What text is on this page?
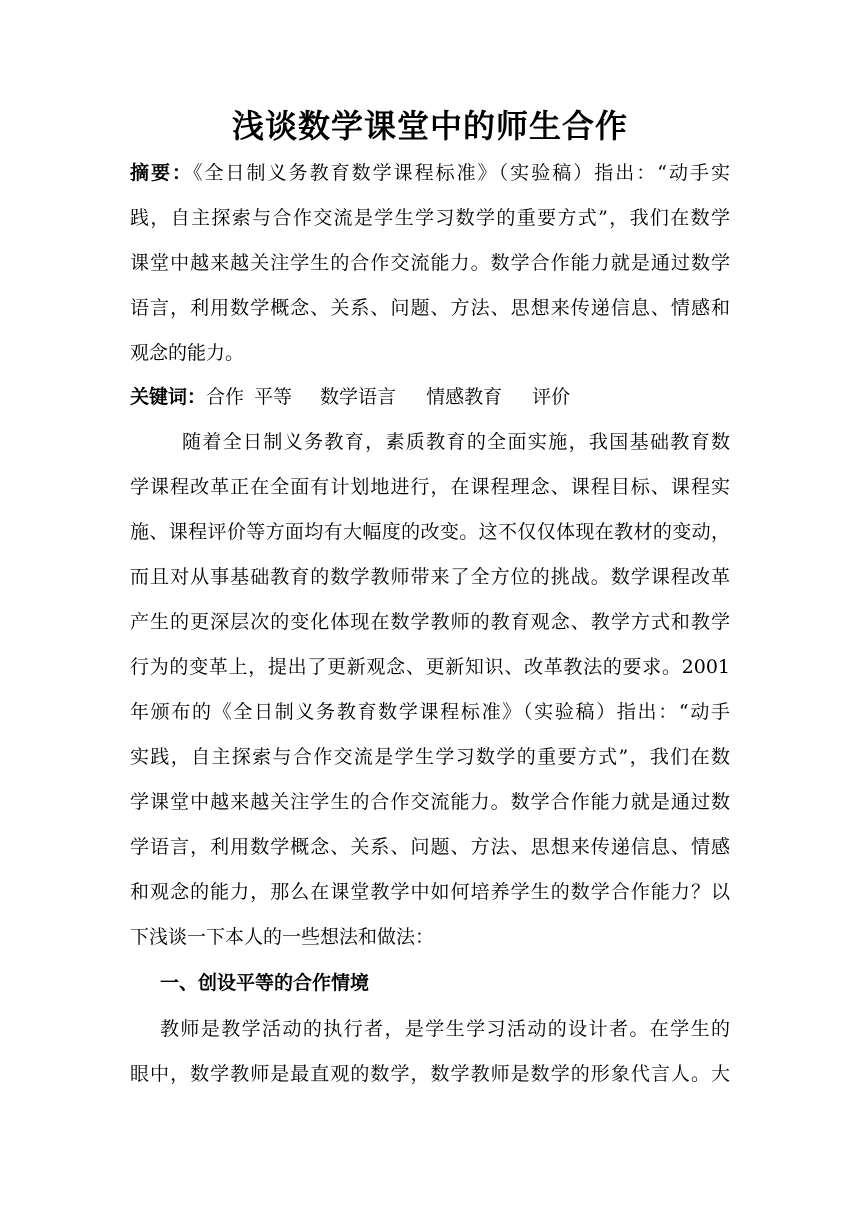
浅谈数学课堂中的师生合作
摘要：《全日制义务教育数学课程标准》（实验稿）指出：“动手实
践，自主探索与合作交流是学生学习数学的重要方式”，我们在数学
课堂中越来越关注学生的合作交流能力。数学合作能力就是通过数学
语言，利用数学概念、关系、问题、方法、思想来传递信息、情感和
观念的能力。
关键词：合作 平等 数学语言 情感教育 评价
随着全日制义务教育，素质教育的全面实施，我国基础教育数
学课程改革正在全面有计划地进行，在课程理念、课程目标、课程实
施、课程评价等方面均有大幅度的改变。这不仅仅体现在教材的变动，
而且对从事基础教育的数学教师带来了全方位的挑战。数学课程改革
产生的更深层次的变化体现在数学教师的教育观念、教学方式和教学
行为的变革上，提出了更新观念、更新知识、改革教法的要求。2001
年颁布的《全日制义务教育数学课程标准》（实验稿）指出：“动手
实践，自主探索与合作交流是学生学习数学的重要方式”，我们在数
学课堂中越来越关注学生的合作交流能力。数学合作能力就是通过数
学语言，利用数学概念、关系、问题、方法、思想来传递信息、情感
和观念的能力，那么在课堂教学中如何培养学生的数学合作能力？以
下浅谈一下本人的一些想法和做法：
一、创设平等的合作情境
教师是教学活动的执行者，是学生学习活动的设计者。在学生的
眼中，数学教师是最直观的数学，数学教师是数学的形象代言人。大
